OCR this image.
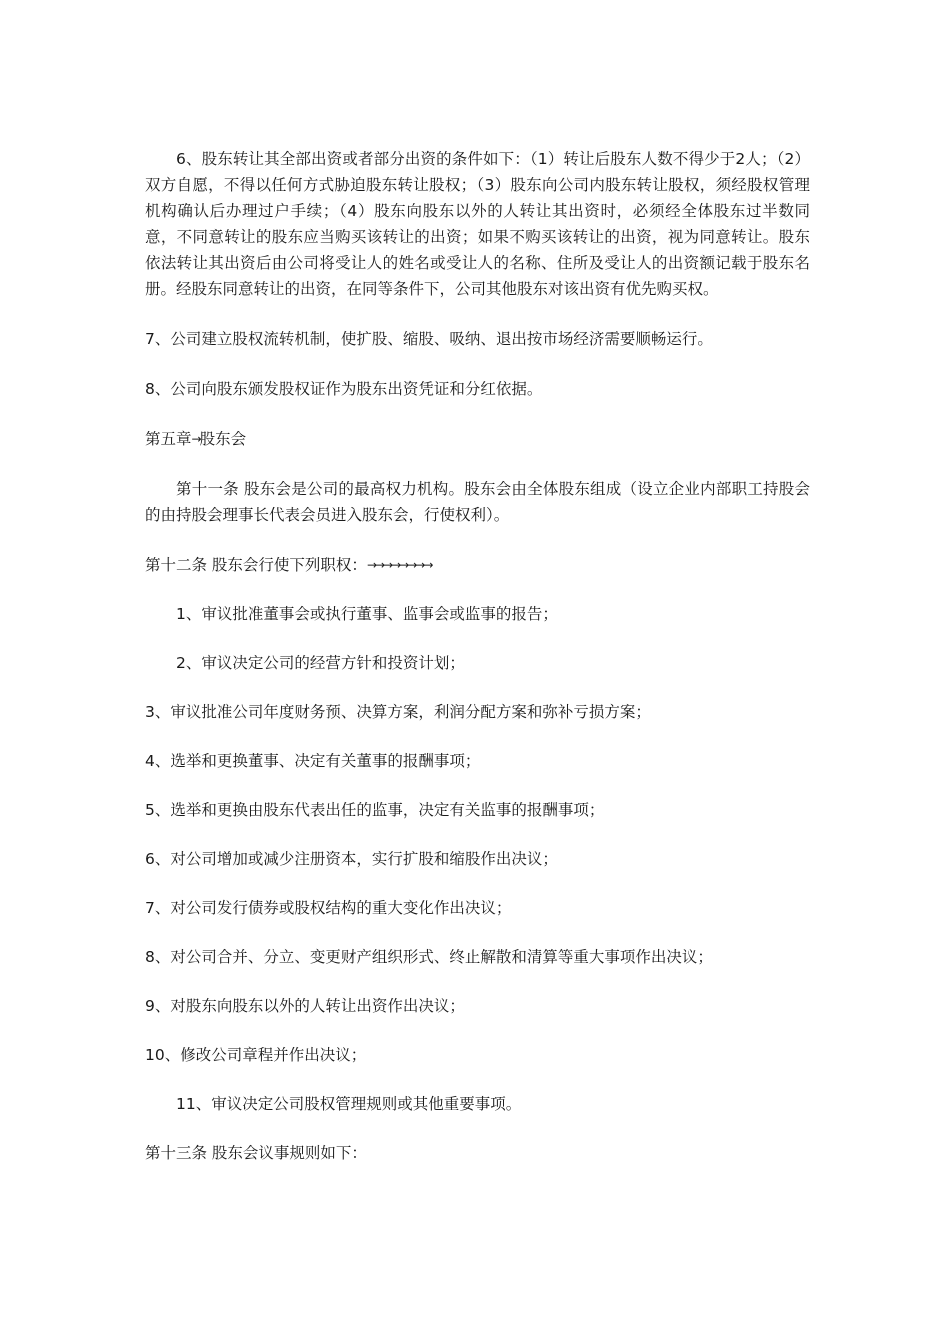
6、股东转让其全部出资或者部分出资的条件如下：（1）转让后股东人数不得少于2人；（2）双方自愿，不得以任何方式胁迫股东转让股权；（3）股东向公司内股东转让股权，须经股权管理机构确认后办理过户手续；（4）股东向股东以外的人转让其出资时，必须经全体股东过半数同意，不同意转让的股东应当购买该转让的出资；如果不购买该转让的出资，视为同意转让。股东依法转让其出资后由公司将受让人的姓名或受让人的名称、住所及受让人的出资额记载于股东名册。经股东同意转让的出资，在同等条件下，公司其他股东对该出资有优先购买权。

7、公司建立股权流转机制，使扩股、缩股、吸纳、退出按市场经济需要顺畅运行。

8、公司向股东颁发股权证作为股东出资凭证和分红依据。

第五章→股东会

第十一条 股东会是公司的最高权力机构。股东会由全体股东组成（设立企业内部职工持股会的由持股会理事长代表会员进入股东会，行使权利）。

第十二条 股东会行使下列职权：→→→→→→→→

1、审议批准董事会或执行董事、监事会或监事的报告；

2、审议决定公司的经营方针和投资计划；

3、审议批准公司年度财务预、决算方案，利润分配方案和弥补亏损方案；

4、选举和更换董事、决定有关董事的报酬事项；

5、选举和更换由股东代表出任的监事，决定有关监事的报酬事项；

6、对公司增加或减少注册资本，实行扩股和缩股作出决议；

7、对公司发行债券或股权结构的重大变化作出决议；

8、对公司合并、分立、变更财产组织形式、终止解散和清算等重大事项作出决议；

9、对股东向股东以外的人转让出资作出决议；

10、修改公司章程并作出决议；

11、审议决定公司股权管理规则或其他重要事项。

第十三条 股东会议事规则如下：
